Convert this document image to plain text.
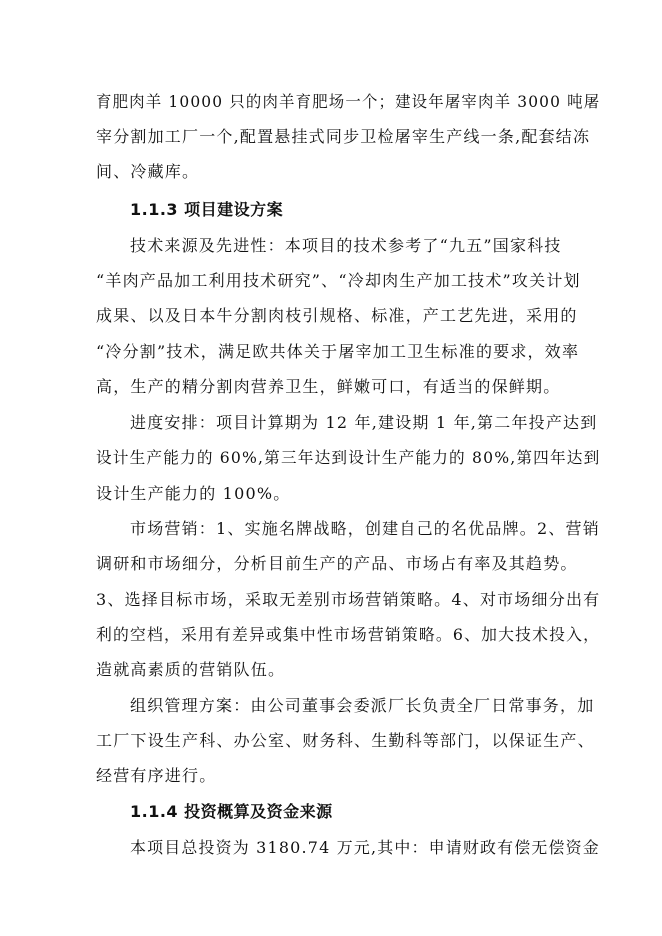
育肥肉羊 10000 只的肉羊育肥场一个；建设年屠宰肉羊 3000 吨屠
宰分割加工厂一个,配置悬挂式同步卫检屠宰生产线一条,配套结冻
间、冷藏库。
1.1.3 项目建设方案
技术来源及先进性：本项目的技术参考了“九五”国家科技
“羊肉产品加工利用技术研究”、“冷却肉生产加工技术”攻关计划
成果、以及日本牛分割肉枝引规格、标准，产工艺先进，采用的
“冷分割”技术，满足欧共体关于屠宰加工卫生标准的要求，效率
高，生产的精分割肉营养卫生，鲜嫩可口，有适当的保鲜期。
进度安排：项目计算期为 12 年,建设期 1 年,第二年投产达到
设计生产能力的 60%,第三年达到设计生产能力的 80%,第四年达到
设计生产能力的 100%。
市场营销：1、实施名牌战略，创建自己的名优品牌。2、营销
调研和市场细分，分析目前生产的产品、市场占有率及其趋势。
3、选择目标市场，采取无差别市场营销策略。4、对市场细分出有
利的空档，采用有差异或集中性市场营销策略。6、加大技术投入，
造就高素质的营销队伍。
组织管理方案：由公司董事会委派厂长负责全厂日常事务，加
工厂下设生产科、办公室、财务科、生勤科等部门，以保证生产、
经营有序进行。
1.1.4 投资概算及资金来源
本项目总投资为 3180.74 万元,其中：申请财政有偿无偿资金
